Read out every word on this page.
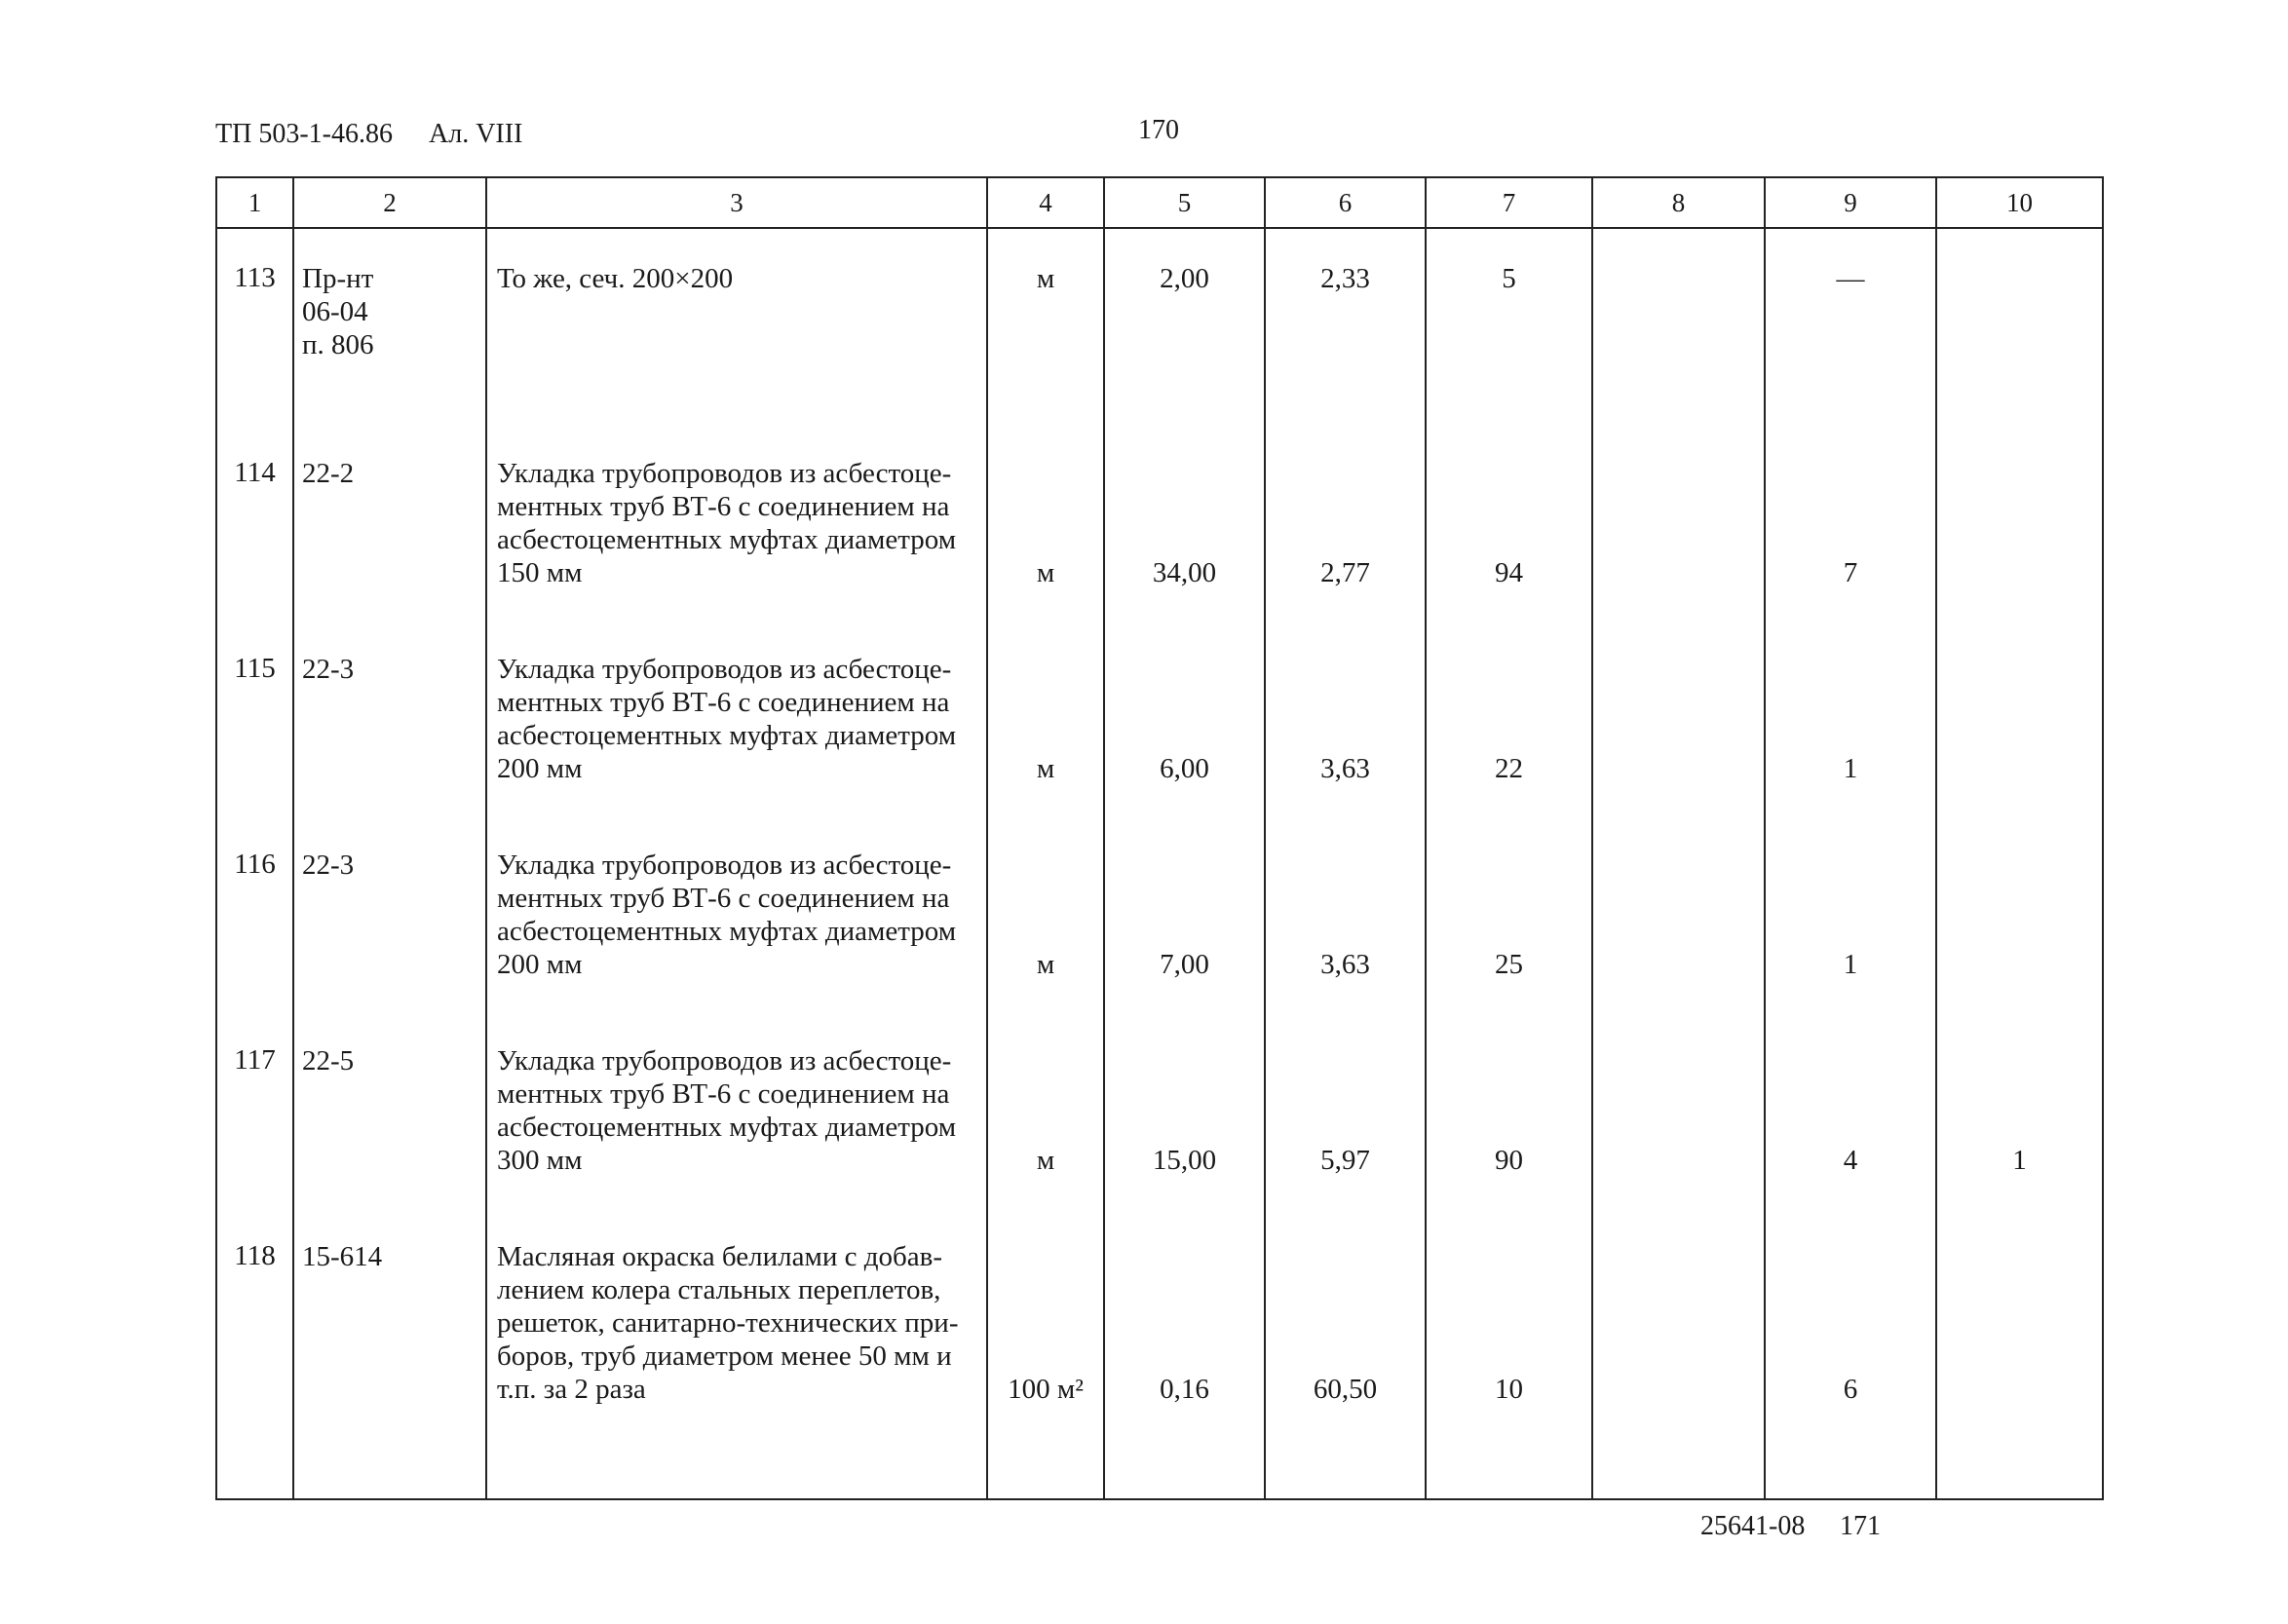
ТП 503-1-46.86 Ал. VIII	170
1	2	3	4	5	6	7	8	9	10
113	Пр-нт
06-04
п. 806	То же, сеч. 200×200	м	2,00	2,33	5		—	

114	22-2	Укладка трубопроводов из асбестоце-
ментных труб ВТ-6 с соединением на
асбестоцементных муфтах диаметром
150 мм	м	34,00	2,77	94		7	

115	22-3	Укладка трубопроводов из асбестоце-
ментных труб ВТ-6 с соединением на
асбестоцементных муфтах диаметром
200 мм	м	6,00	3,63	22		1	

116	22-3	Укладка трубопроводов из асбестоце-
ментных труб ВТ-6 с соединением на
асбестоцементных муфтах диаметром
200 мм	м	7,00	3,63	25		1	

117	22-5	Укладка трубопроводов из асбестоце-
ментных труб ВТ-6 с соединением на
асбестоцементных муфтах диаметром
300 мм	м	15,00	5,97	90		4	1

118	15-614	Масляная окраска белилами с добав-
лением колера стальных переплетов,
решеток, санитарно-технических при-
боров, труб диаметром менее 50 мм и
т.п. за 2 раза	100 м²	0,16	60,50	10		6	

25641-08 171
